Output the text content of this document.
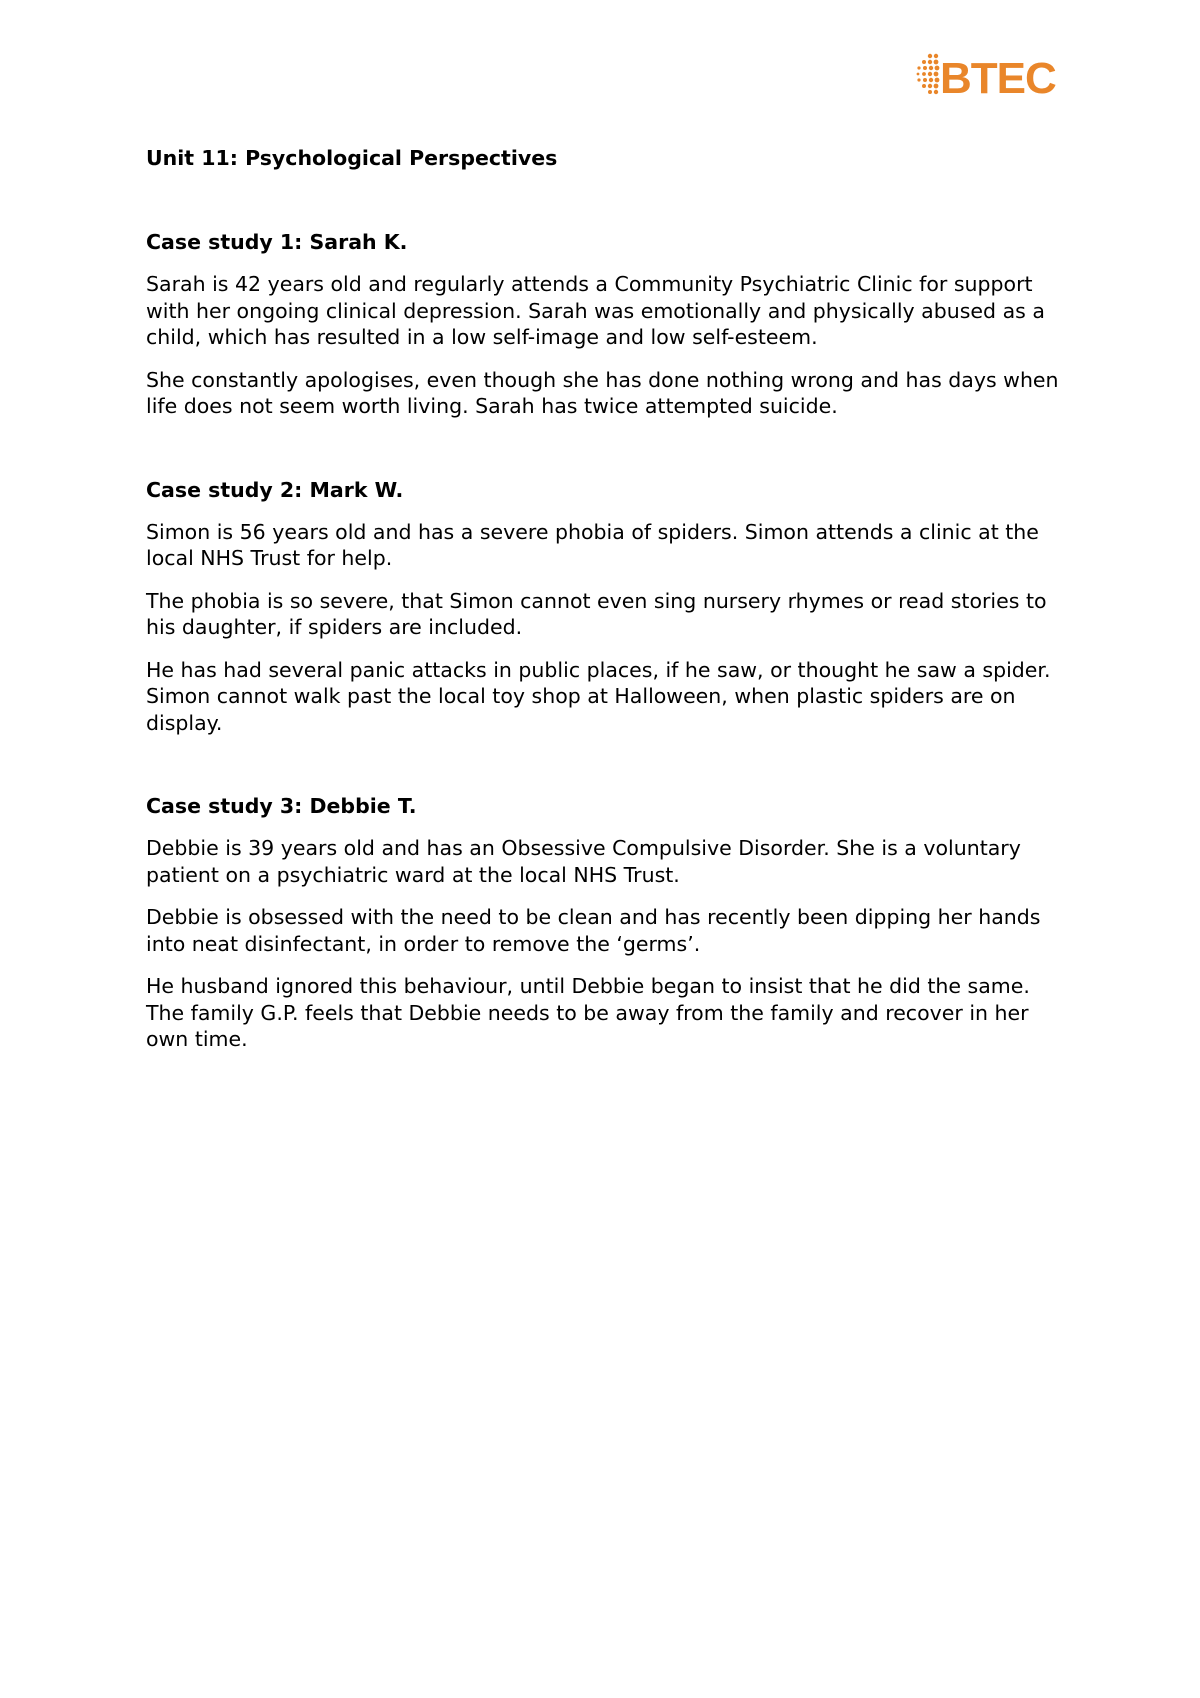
BTEC

Unit 11: Psychological Perspectives

Case study 1: Sarah K.

Sarah is 42 years old and regularly attends a Community Psychiatric Clinic for support with her ongoing clinical depression. Sarah was emotionally and physically abused as a child, which has resulted in a low self-image and low self-esteem.

She constantly apologises, even though she has done nothing wrong and has days when life does not seem worth living. Sarah has twice attempted suicide.

Case study 2: Mark W.

Simon is 56 years old and has a severe phobia of spiders. Simon attends a clinic at the local NHS Trust for help.

The phobia is so severe, that Simon cannot even sing nursery rhymes or read stories to his daughter, if spiders are included.

He has had several panic attacks in public places, if he saw, or thought he saw a spider. Simon cannot walk past the local toy shop at Halloween, when plastic spiders are on display.

Case study 3: Debbie T.

Debbie is 39 years old and has an Obsessive Compulsive Disorder. She is a voluntary patient on a psychiatric ward at the local NHS Trust.

Debbie is obsessed with the need to be clean and has recently been dipping her hands into neat disinfectant, in order to remove the ‘germs’.

He husband ignored this behaviour, until Debbie began to insist that he did the same. The family G.P. feels that Debbie needs to be away from the family and recover in her own time.
